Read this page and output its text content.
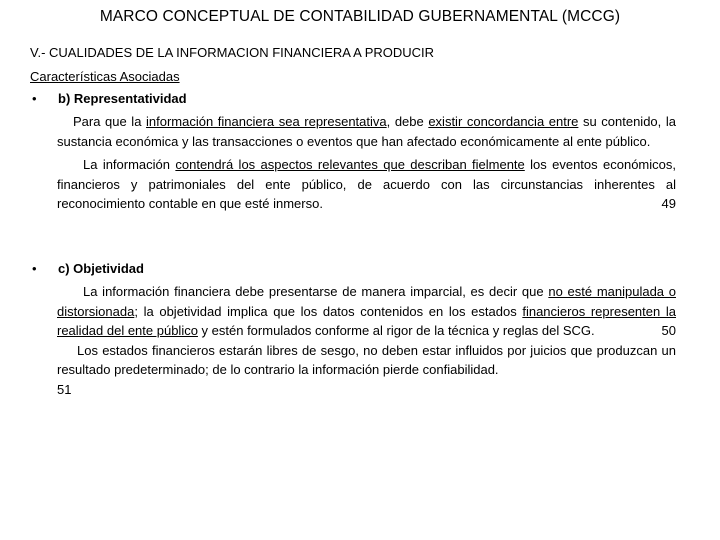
MARCO CONCEPTUAL DE CONTABILIDAD GUBERNAMENTAL (MCCG)
V.- CUALIDADES DE LA INFORMACION FINANCIERA A PRODUCIR
Características Asociadas
• b) Representatividad

Para que la información financiera sea representativa, debe existir concordancia entre su contenido, la sustancia económica y las transacciones o eventos que han afectado económicamente al ente público.

La información contendrá los aspectos relevantes que describan fielmente los eventos económicos, financieros y patrimoniales del ente público, de acuerdo con las circunstancias inherentes al reconocimiento contable en que esté inmerso.	49

• c) Objetividad

La información financiera debe presentarse de manera imparcial, es decir que no esté manipulada o distorsionada; la objetividad implica que los datos contenidos en los estados financieros representen la realidad del ente público y estén formulados conforme al rigor de la técnica y reglas del SCG.	50

Los estados financieros estarán libres de sesgo, no deben estar influidos por juicios que produzcan un resultado predeterminado; de lo contrario la información pierde confiabilidad.
51
